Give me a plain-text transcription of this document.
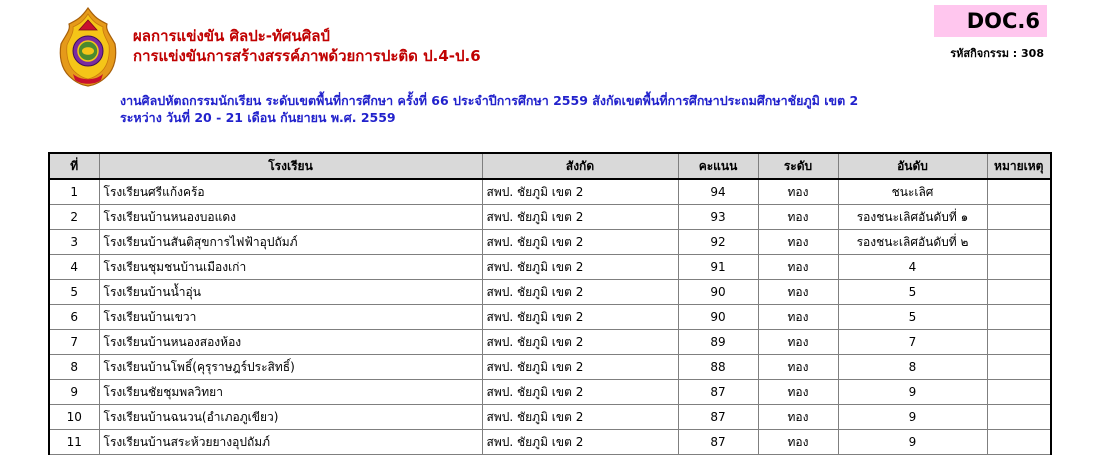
ผลการแข่งขัน ศิลปะ-ทัศนศิลป์
การแข่งขันการสร้างสรรค์ภาพด้วยการปะติด ป.4-ป.6
DOC.6
รหัสกิจกรรม : 308
งานศิลปหัตถกรรมนักเรียน ระดับเขตพื้นที่การศึกษา ครั้งที่ 66 ประจำปีการศึกษา 2559 สังกัดเขตพื้นที่การศึกษาประถมศึกษาชัยภูมิ เขต 2
ระหว่าง วันที่ 20 - 21 เดือน กันยายน พ.ศ. 2559
ที่	โรงเรียน	สังกัด	คะแนน	ระดับ	อันดับ	หมายเหตุ
1	โรงเรียนศรีแก้งคร้อ	สพป. ชัยภูมิ เขต 2	94	ทอง	ชนะเลิศ	
2	โรงเรียนบ้านหนองบอแดง	สพป. ชัยภูมิ เขต 2	93	ทอง	รองชนะเลิศอันดับที่ ๑	
3	โรงเรียนบ้านสันติสุขการไฟฟ้าอุปถัมภ์	สพป. ชัยภูมิ เขต 2	92	ทอง	รองชนะเลิศอันดับที่ ๒	
4	โรงเรียนชุมชนบ้านเมืองเก่า	สพป. ชัยภูมิ เขต 2	91	ทอง	4	
5	โรงเรียนบ้านน้ำอุ่น	สพป. ชัยภูมิ เขต 2	90	ทอง	5	
6	โรงเรียนบ้านเขวา	สพป. ชัยภูมิ เขต 2	90	ทอง	5	
7	โรงเรียนบ้านหนองสองห้อง	สพป. ชัยภูมิ เขต 2	89	ทอง	7	
8	โรงเรียนบ้านโพธิ์(คุรุราษฎร์ประสิทธิ์)	สพป. ชัยภูมิ เขต 2	88	ทอง	8	
9	โรงเรียนชัยชุมพลวิทยา	สพป. ชัยภูมิ เขต 2	87	ทอง	9	
10	โรงเรียนบ้านฉนวน(อำเภอภูเขียว)	สพป. ชัยภูมิ เขต 2	87	ทอง	9	
11	โรงเรียนบ้านสระห้วยยางอุปถัมภ์	สพป. ชัยภูมิ เขต 2	87	ทอง	9	
